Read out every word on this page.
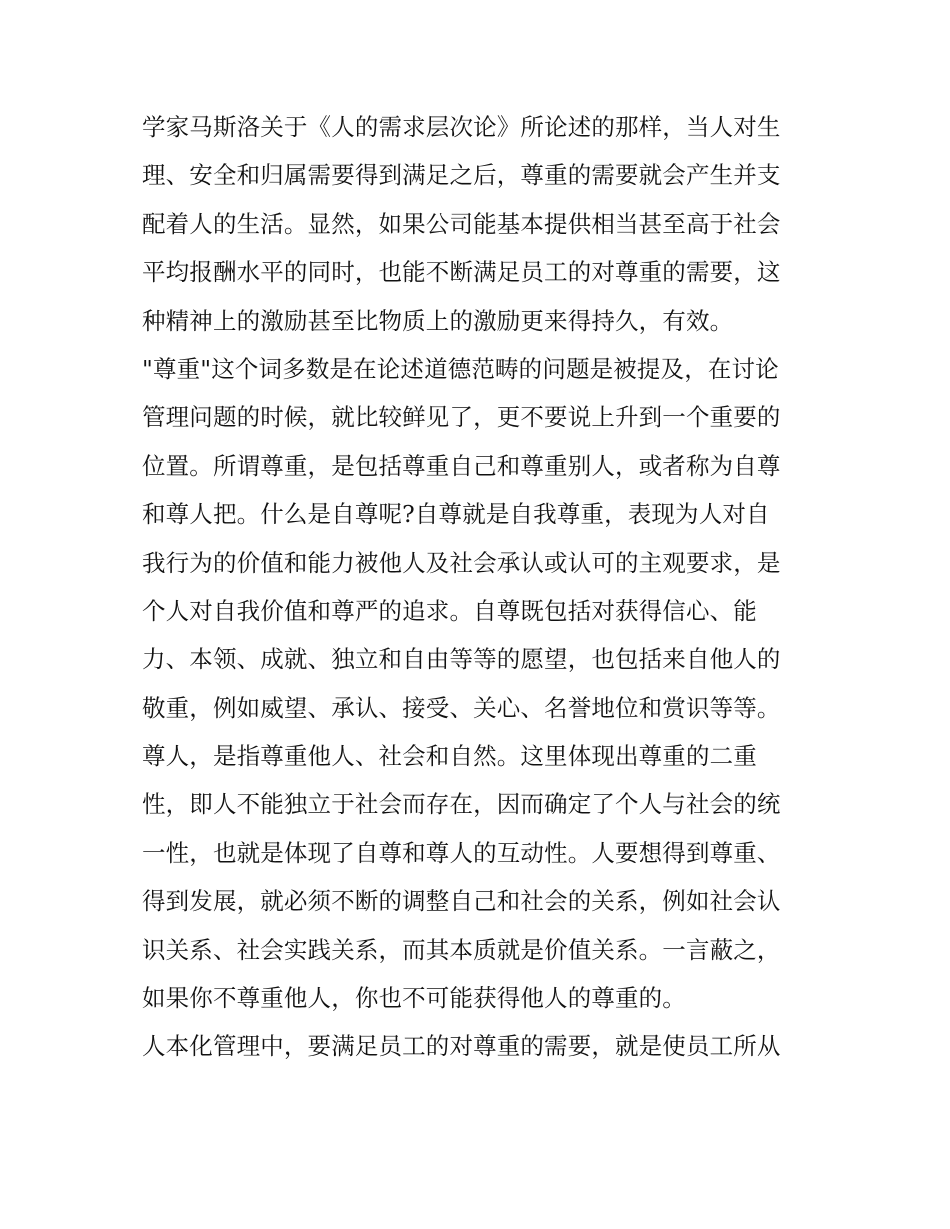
学家马斯洛关于《人的需求层次论》所论述的那样，当人对生
理、安全和归属需要得到满足之后，尊重的需要就会产生并支
配着人的生活。显然，如果公司能基本提供相当甚至高于社会
平均报酬水平的同时，也能不断满足员工的对尊重的需要，这
种精神上的激励甚至比物质上的激励更来得持久，有效。
"尊重"这个词多数是在论述道德范畴的问题是被提及，在讨论
管理问题的时候，就比较鲜见了，更不要说上升到一个重要的
位置。所谓尊重，是包括尊重自己和尊重别人，或者称为自尊
和尊人把。什么是自尊呢?自尊就是自我尊重，表现为人对自
我行为的价值和能力被他人及社会承认或认可的主观要求，是
个人对自我价值和尊严的追求。自尊既包括对获得信心、能
力、本领、成就、独立和自由等等的愿望，也包括来自他人的
敬重，例如威望、承认、接受、关心、名誉地位和赏识等等。
尊人，是指尊重他人、社会和自然。这里体现出尊重的二重
性，即人不能独立于社会而存在，因而确定了个人与社会的统
一性，也就是体现了自尊和尊人的互动性。人要想得到尊重、
得到发展，就必须不断的调整自己和社会的关系，例如社会认
识关系、社会实践关系，而其本质就是价值关系。一言蔽之，
如果你不尊重他人，你也不可能获得他人的尊重的。
人本化管理中，要满足员工的对尊重的需要，就是使员工所从
